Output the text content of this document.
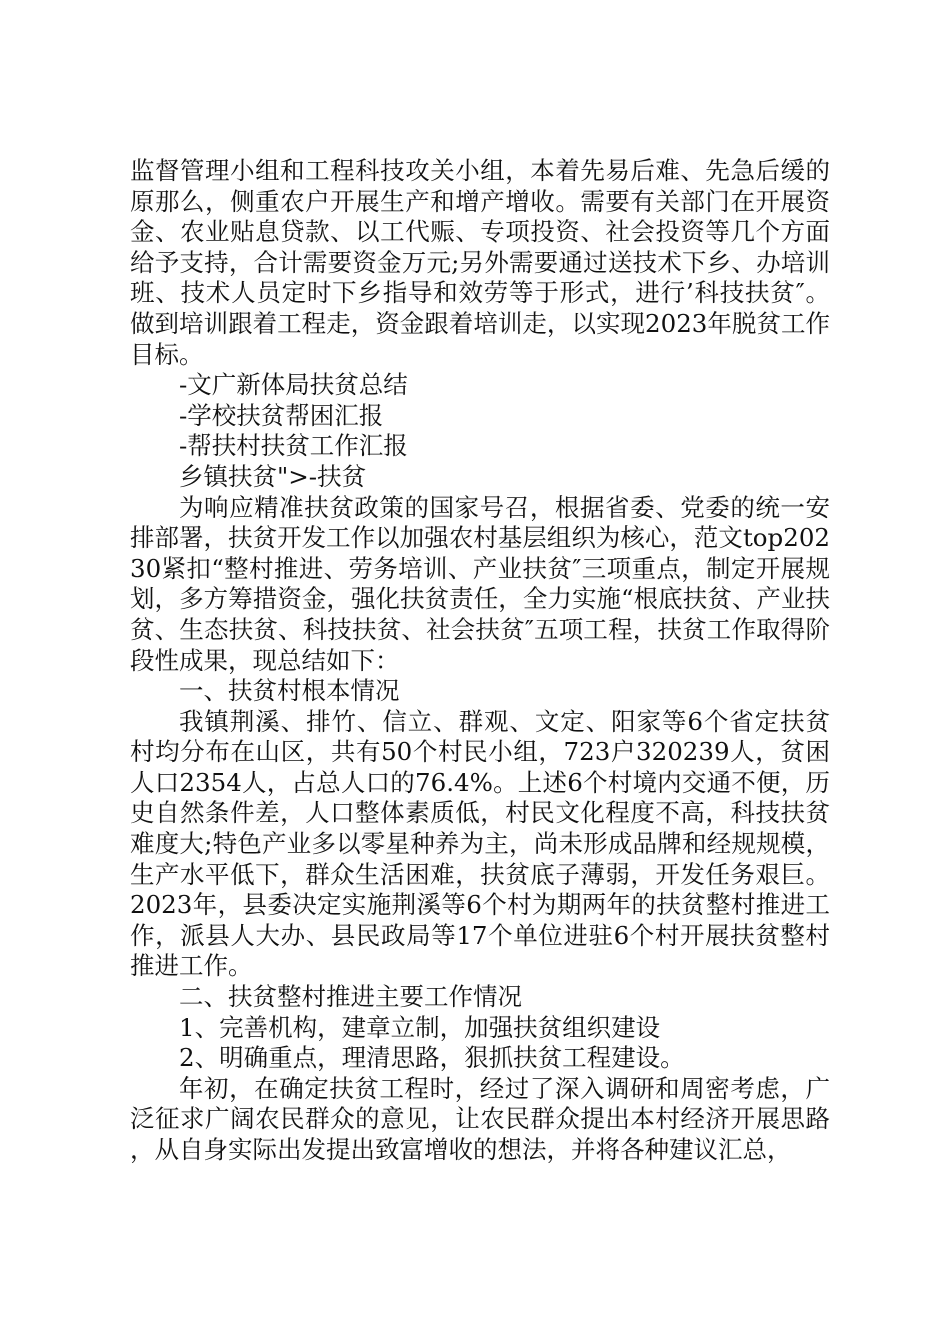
监督管理小组和工程科技攻关小组，本着先易后难、先急后缓的原那么，侧重农户开展生产和增产增收。需要有关部门在开展资金、农业贴息贷款、以工代赈、专项投资、社会投资等几个方面给予支持，合计需要资金万元;另外需要通过送技术下乡、办培训班、技术人员定时下乡指导和效劳等于形式，进行’科技扶贫″。做到培训跟着工程走，资金跟着培训走，以实现2023年脱贫工作目标。

-文广新体局扶贫总结

-学校扶贫帮困汇报

-帮扶村扶贫工作汇报

乡镇扶贫">-扶贫

为响应精准扶贫政策的国家号召，根据省委、党委的统一安排部署，扶贫开发工作以加强农村基层组织为核心，范文top20230紧扣“整村推进、劳务培训、产业扶贫″三项重点，制定开展规划，多方筹措资金，强化扶贫责任，全力实施“根底扶贫、产业扶贫、生态扶贫、科技扶贫、社会扶贫″五项工程，扶贫工作取得阶段性成果，现总结如下：

一、扶贫村根本情况

我镇荆溪、排竹、信立、群观、文定、阳家等6个省定扶贫村均分布在山区，共有50个村民小组，723户320239人，贫困人口2354人，占总人口的76.4%。上述6个村境内交通不便，历史自然条件差，人口整体素质低，村民文化程度不高，科技扶贫难度大;特色产业多以零星种养为主，尚未形成品牌和经规规模，生产水平低下，群众生活困难，扶贫底子薄弱，开发任务艰巨。2023年，县委决定实施荆溪等6个村为期两年的扶贫整村推进工作，派县人大办、县民政局等17个单位进驻6个村开展扶贫整村推进工作。

二、扶贫整村推进主要工作情况

1、完善机构，建章立制，加强扶贫组织建设

2、明确重点，理清思路，狠抓扶贫工程建设。

年初，在确定扶贫工程时，经过了深入调研和周密考虑，广泛征求广阔农民群众的意见，让农民群众提出本村经济开展思路，从自身实际出发提出致富增收的想法，并将各种建议汇总，
